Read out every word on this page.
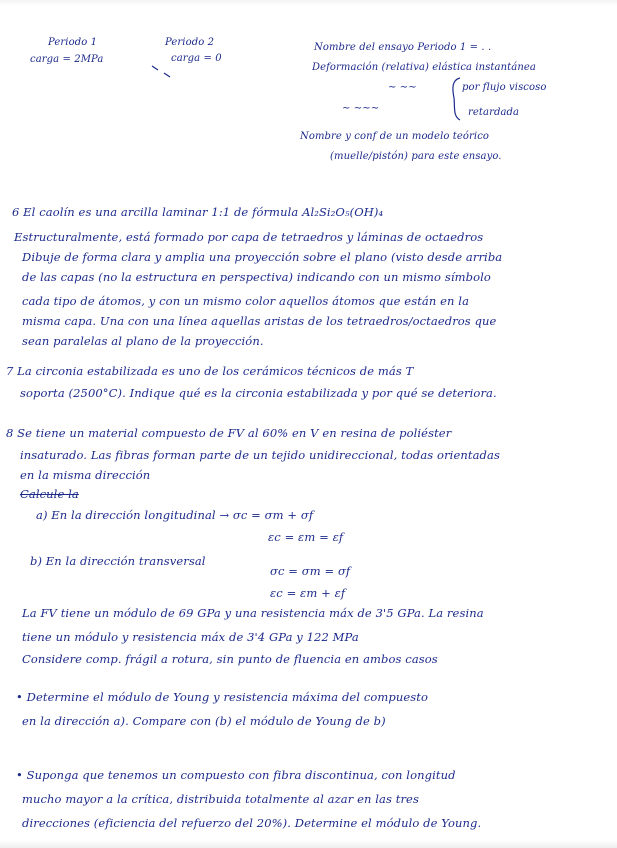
Periodo 1
carga = 2MPa
Periodo 2
carga = 0
Nombre del ensayo Periodo 1 = . .
Deformación (relativa) elástica instantánea
∼ ∼∼	por flujo viscoso
∼ ∼∼∼	retardada
Nombre y conf de un modelo teórico
(muelle/pistón) para este ensayo.
6 El caolín es una arcilla laminar 1:1 de fórmula Al₂Si₂O₅(OH)₄
Estructuralmente, está formado por capa de tetraedros y láminas de octaedros
Dibuje de forma clara y amplia una proyección sobre el plano (visto desde arriba
de las capas (no la estructura en perspectiva) indicando con un mismo símbolo
cada tipo de átomos, y con un mismo color aquellos átomos que están en la
misma capa. Una con una línea aquellas aristas de los tetraedros/octaedros que
sean paralelas al plano de la proyección.
7 La circonia estabilizada es uno de los cerámicos técnicos de más T
soporta (2500°C). Indique qué es la circonia estabilizada y por qué se deteriora.
8 Se tiene un material compuesto de FV al 60% en V en resina de poliéster
insaturado. Las fibras forman parte de un tejido unidireccional, todas orientadas
en la misma dirección
Calcule la
a) En la dirección longitudinal → σc = σm + σf
εc = εm = εf
b) En la dirección transversal
σc = σm = σf
εc = εm + εf
La FV tiene un módulo de 69 GPa y una resistencia máx de 3'5 GPa. La resina
tiene un módulo y resistencia máx de 3'4 GPa y 122 MPa
Considere comp. frágil a rotura, sin punto de fluencia en ambos casos
• Determine el módulo de Young y resistencia máxima del compuesto
en la dirección a). Compare con (b) el módulo de Young de b)
• Suponga que tenemos un compuesto con fibra discontinua, con longitud
mucho mayor a la crítica, distribuida totalmente al azar en las tres
direcciones (eficiencia del refuerzo del 20%). Determine el módulo de Young.
